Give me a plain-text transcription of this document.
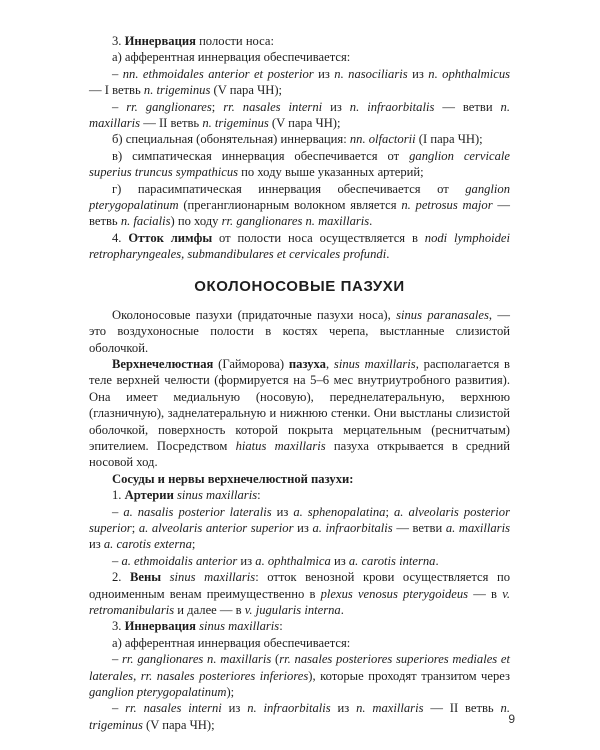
3. Иннервация полости носа:

а) афферентная иннервация обеспечивается:

– nn. ethmoidales anterior et posterior из n. nasociliaris из n. ophthalmicus — I ветвь n. trigeminus (V пара ЧН);

– rr. ganglionares; rr. nasales interni из n. infraorbitalis — ветви n. maxillaris — II ветвь n. trigeminus (V пара ЧН);

б) специальная (обонятельная) иннервация: nn. olfactorii (I пара ЧН);

в) симпатическая иннервация обеспечивается от ganglion cervicale superius truncus sympathicus по ходу выше указанных артерий;

г) парасимпатическая иннервация обеспечивается от ganglion pterygopalatinum (преганглионарным волокном является n. petrosus major — ветвь n. facialis) по ходу rr. ganglionares n. maxillaris.

4. Отток лимфы от полости носа осуществляется в nodi lymphoidei retropharyngeales, submandibulares et cervicales profundi.

ОКОЛОНОСОВЫЕ ПАЗУХИ

Околоносовые пазухи (придаточные пазухи носа), sinus paranasales, — это воздухоносные полости в костях черепа, выстланные слизистой оболочкой.

Верхнечелюстная (Гайморова) пазуха, sinus maxillaris, располагается в теле верхней челюсти (формируется на 5–6 мес внутриутробного развития). Она имеет медиальную (носовую), переднелатеральную, верхнюю (глазничную), заднелатеральную и нижнюю стенки. Они выстланы слизистой оболочкой, поверхность которой покрыта мерцательным (реснитчатым) эпителием. Посредством hiatus maxillaris пазуха открывается в средний носовой ход.

Сосуды и нервы верхнечелюстной пазухи:

1. Артерии sinus maxillaris:

– a. nasalis posterior lateralis из a. sphenopalatina; a. alveolaris posterior superior; a. alveolaris anterior superior из a. infraorbitalis — ветви a. maxillaris из a. carotis externa;

– a. ethmoidalis anterior из a. ophthalmica из a. carotis interna.

2. Вены sinus maxillaris: отток венозной крови осуществляется по одноименным венам преимущественно в plexus venosus pterygoideus — в v. retromanibularis и далее — в v. jugularis interna.

3. Иннервация sinus maxillaris:

а) афферентная иннервация обеспечивается:

– rr. ganglionares n. maxillaris (rr. nasales posteriores superiores mediales et laterales, rr. nasales posteriores inferiores), которые проходят транзитом через ganglion pterygopalatinum);

– rr. nasales interni из n. infraorbitalis из n. maxillaris — II ветвь n. trigeminus (V пара ЧН);	9
